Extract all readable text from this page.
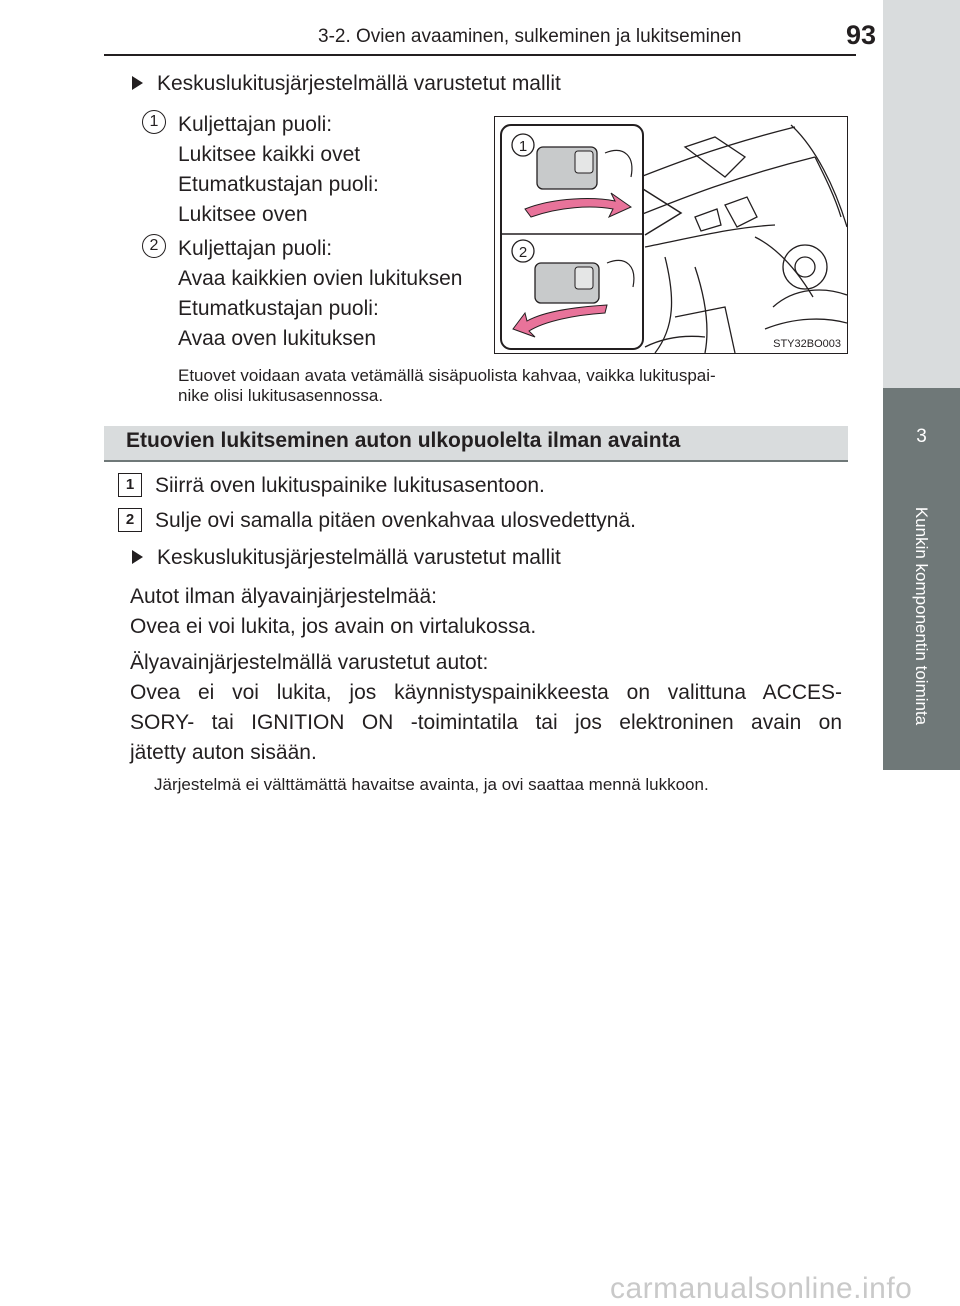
3-2. Ovien avaaminen, sulkeminen ja lukitseminen	93
3
Kunkin komponentin toiminta
Keskuslukitusjärjestelmällä varustetut mallit
1 Kuljettajan puoli:
Lukitsee kaikki ovet
Etumatkustajan puoli:
Lukitsee oven
2 Kuljettajan puoli:
Avaa kaikkien ovien lukituksen
Etumatkustajan puoli:
Avaa oven lukituksen
1
2
STY32BO003
Etuovet voidaan avata vetämällä sisäpuolista kahvaa, vaikka lukituspai-
nike olisi lukitusasennossa.
Etuovien lukitseminen auton ulkopuolelta ilman avainta
1 Siirrä oven lukituspainike lukitusasentoon.
2 Sulje ovi samalla pitäen ovenkahvaa ulosvedettynä.
Keskuslukitusjärjestelmällä varustetut mallit
Autot ilman älyavainjärjestelmää:
Ovea ei voi lukita, jos avain on virtalukossa.
Älyavainjärjestelmällä varustetut autot:
Ovea ei voi lukita, jos käynnistyspainikkeesta on valittuna ACCES-
SORY- tai IGNITION ON -toimintatila tai jos elektroninen avain on
jätetty auton sisään.
Järjestelmä ei välttämättä havaitse avainta, ja ovi saattaa mennä lukkoon.
carmanualsonline.info
